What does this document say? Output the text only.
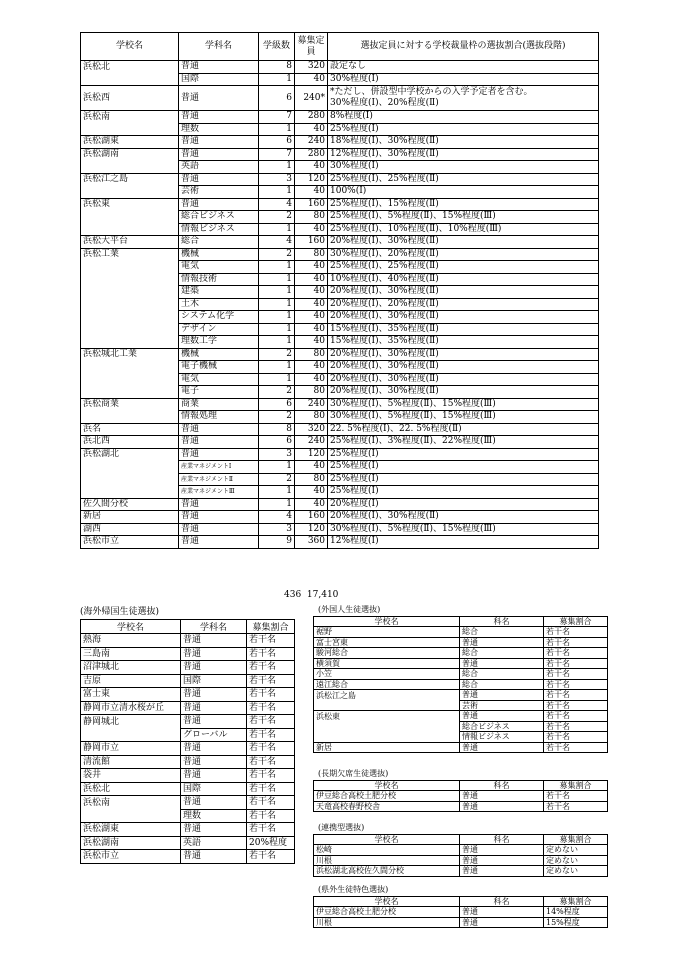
学校名	学科名	学級数	募集定員	選抜定員に対する学校裁量枠の選抜割合(選抜段階)
浜松北	普通	8	320	設定なし
	国際	1	40	30%程度(Ⅰ)
浜松西	普通	6	240*	*ただし、併設型中学校からの入学予定者を含む。
30%程度(Ⅰ)、20%程度(Ⅱ)

浜松南	普通	7	280	8%程度(Ⅰ)
	理数	1	40	25%程度(Ⅰ)
浜松湖東	普通	6	240	18%程度(Ⅰ)、30%程度(Ⅱ)
浜松湖南	普通	7	280	12%程度(Ⅰ)、30%程度(Ⅱ)
	英語	1	40	30%程度(Ⅰ)
浜松江之島	普通	3	120	25%程度(Ⅰ)、25%程度(Ⅱ)
	芸術	1	40	100%(Ⅰ)
浜松東	普通	4	160	25%程度(Ⅰ)、15%程度(Ⅱ)
	総合ビジネス	2	80	25%程度(Ⅰ)、5%程度(Ⅱ)、15%程度(Ⅲ)
	情報ビジネス	1	40	25%程度(Ⅰ)、10%程度(Ⅱ)、10%程度(Ⅲ)
浜松大平台	総合	4	160	20%程度(Ⅰ)、30%程度(Ⅱ)
浜松工業	機械	2	80	30%程度(Ⅰ)、20%程度(Ⅱ)
	電気	1	40	25%程度(Ⅰ)、25%程度(Ⅱ)
	情報技術	1	40	10%程度(Ⅰ)、40%程度(Ⅱ)
	建築	1	40	20%程度(Ⅰ)、30%程度(Ⅱ)
	土木	1	40	20%程度(Ⅰ)、20%程度(Ⅱ)
	システム化学	1	40	20%程度(Ⅰ)、30%程度(Ⅱ)
	デザイン	1	40	15%程度(Ⅰ)、35%程度(Ⅱ)
	理数工学	1	40	15%程度(Ⅰ)、35%程度(Ⅱ)
浜松城北工業	機械	2	80	20%程度(Ⅰ)、30%程度(Ⅱ)
	電子機械	1	40	20%程度(Ⅰ)、30%程度(Ⅱ)
	電気	1	40	20%程度(Ⅰ)、30%程度(Ⅱ)
	電子	2	80	20%程度(Ⅰ)、30%程度(Ⅱ)
浜松商業	商業	6	240	30%程度(Ⅰ)、5%程度(Ⅱ)、15%程度(Ⅲ)
	情報処理	2	80	30%程度(Ⅰ)、5%程度(Ⅱ)、15%程度(Ⅲ)
浜名	普通	8	320	22. 5%程度(Ⅰ)、22. 5%程度(Ⅱ)
浜北西	普通	6	240	25%程度(Ⅰ)、3%程度(Ⅱ)、22%程度(Ⅲ)
浜松湖北	普通	3	120	25%程度(Ⅰ)
	産業マネジメントⅠ	1	40	25%程度(Ⅰ)
	産業マネジメントⅡ	2	80	25%程度(Ⅰ)
	産業マネジメントⅢ	1	40	25%程度(Ⅰ)
佐久間分校	普通	1	40	20%程度(Ⅰ)
新居	普通	4	160	20%程度(Ⅰ)、30%程度(Ⅱ)
湖西	普通	3	120	30%程度(Ⅰ)、5%程度(Ⅱ)、15%程度(Ⅲ)
浜松市立	普通	9	360	12%程度(Ⅰ)
436 17,410
(海外帰国生徒選抜)
学校名	学科名	募集割合
熱海	普通	若干名
三島南	普通	若干名
沼津城北	普通	若干名
吉原	国際	若干名
富士東	普通	若干名
静岡市立清水桜が丘	普通	若干名
静岡城北	普通	若干名
	グローバル	若干名
静岡市立	普通	若干名
清流館	普通	若干名
袋井	普通	若干名
浜松北	国際	若干名
浜松南	普通	若干名
	理数	若干名
浜松湖東	普通	若干名
浜松湖南	英語	20%程度
浜松市立	普通	若干名
(外国人生徒選抜)
学校名	科名	募集割合
裾野	総合	若干名
富士宮東	普通	若干名
駿河総合	総合	若干名
横須賀	普通	若干名
小笠	総合	若干名
遠江総合	総合	若干名
浜松江之島	普通	若干名
	芸術	若干名
浜松東	普通	若干名
	総合ビジネス	若干名
	情報ビジネス	若干名
新居	普通	若干名
(長期欠席生徒選抜)
学校名	科名	募集割合
伊豆総合高校土肥分校	普通	若干名
天竜高校春野校舎	普通	若干名
(連携型選抜)
学校名	科名	募集割合
松崎	普通	定めない
川根	普通	定めない
浜松湖北高校佐久間分校	普通	定めない
(県外生徒特色選抜)
学校名	科名	募集割合
伊豆総合高校土肥分校	普通	14%程度
川根	普通	15%程度
